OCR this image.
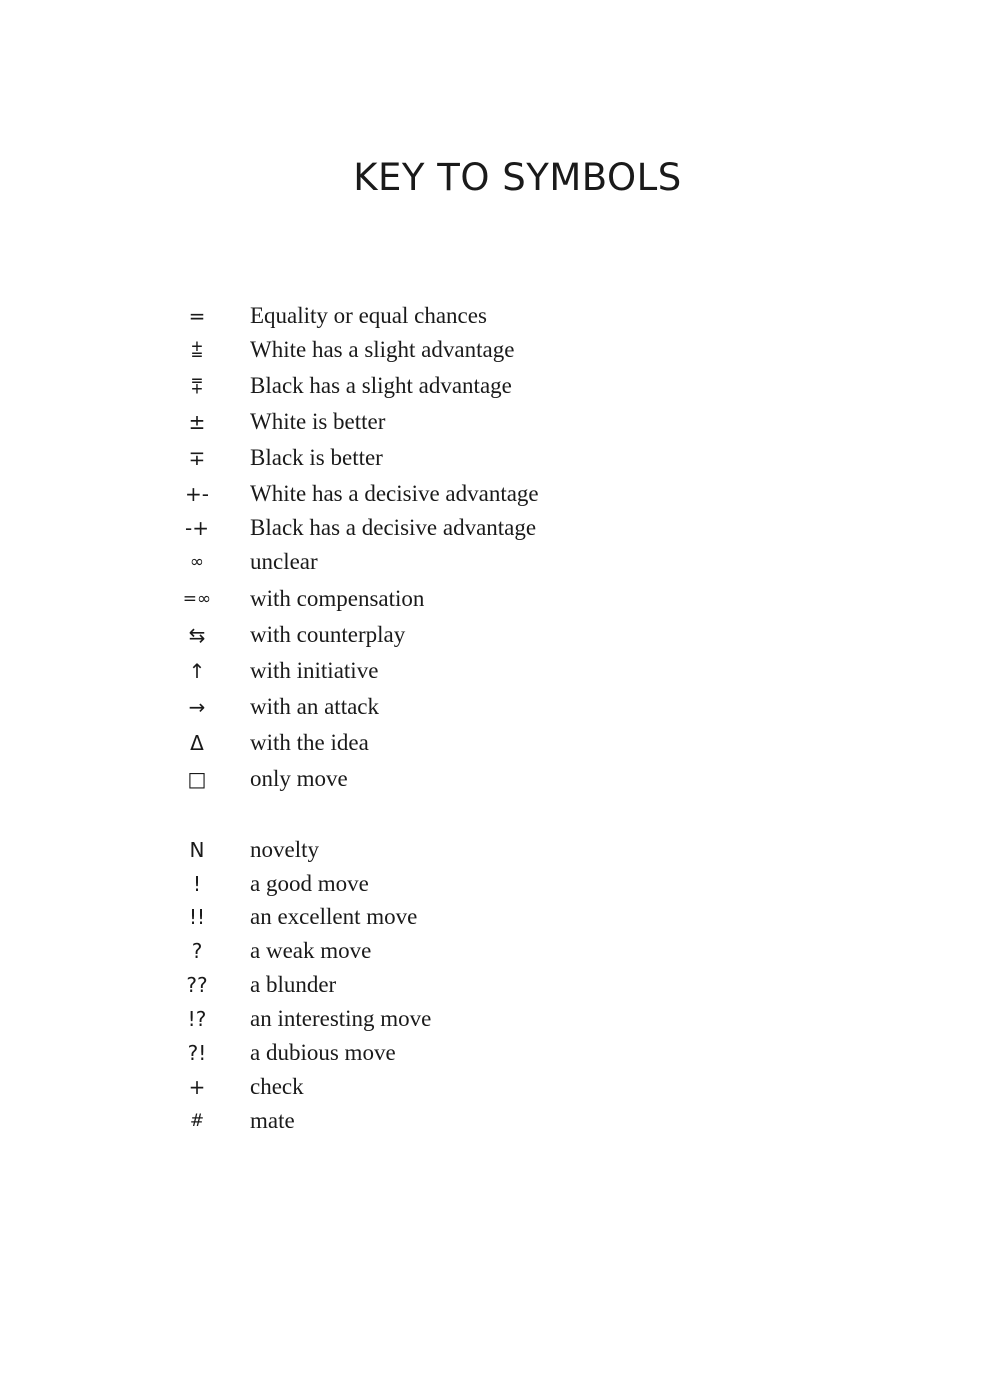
KEY TO SYMBOLS
=	Equality or equal chances
⩲	White has a slight advantage
⩱	Black has a slight advantage
±	White is better
∓	Black is better
+-	White has a decisive advantage
-+	Black has a decisive advantage
∞	unclear
=∞	with compensation
⇆	with counterplay
↑	with initiative
→	with an attack
Δ	with the idea
□	only move
N	novelty
!	a good move
!!	an excellent move
?	a weak move
??	a blunder
!?	an interesting move
?!	a dubious move
+	check
#	mate
